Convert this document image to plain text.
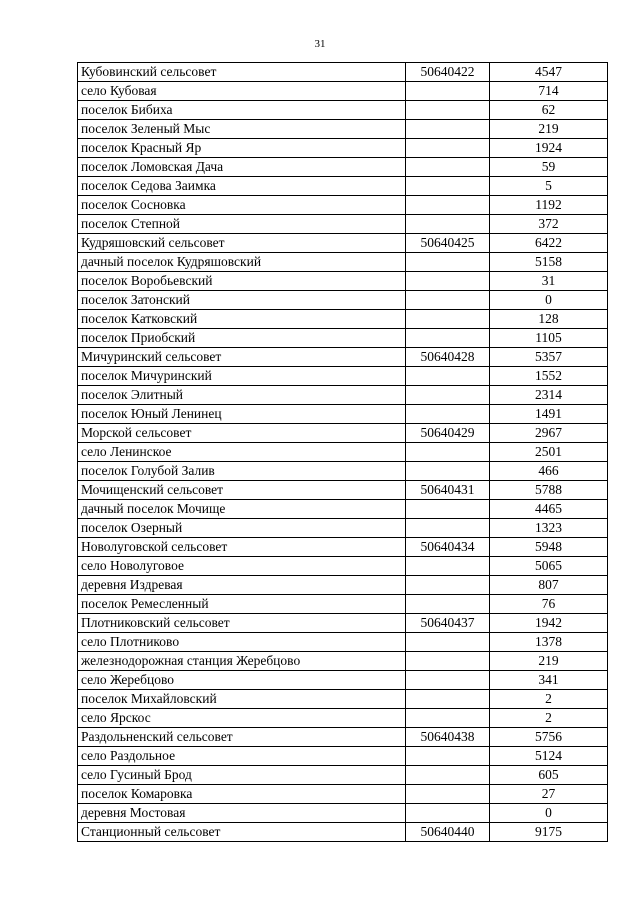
31
Кубовинский сельсовет	50640422	4547
село Кубовая		714
поселок Бибиха		62
поселок Зеленый Мыс		219
поселок Красный Яр		1924
поселок Ломовская Дача		59
поселок Седова Заимка		5
поселок Сосновка		1192
поселок Степной		372
Кудряшовский сельсовет	50640425	6422
дачный поселок Кудряшовский		5158
поселок Воробьевский		31
поселок Затонский		0
поселок Катковский		128
поселок Приобский		1105
Мичуринский сельсовет	50640428	5357
поселок Мичуринский		1552
поселок Элитный		2314
поселок Юный Ленинец		1491
Морской сельсовет	50640429	2967
село Ленинское		2501
поселок Голубой Залив		466
Мочищенский сельсовет	50640431	5788
дачный поселок Мочище		4465
поселок Озерный		1323
Новолуговской сельсовет	50640434	5948
село Новолуговое		5065
деревня Издревая		807
поселок Ремесленный		76
Плотниковский сельсовет	50640437	1942
село Плотниково		1378
железнодорожная станция Жеребцово		219
село Жеребцово		341
поселок Михайловский		2
село Ярскос		2
Раздольненский сельсовет	50640438	5756
село Раздольное		5124
село Гусиный Брод		605
поселок Комаровка		27
деревня Мостовая		0
Станционный сельсовет	50640440	9175
